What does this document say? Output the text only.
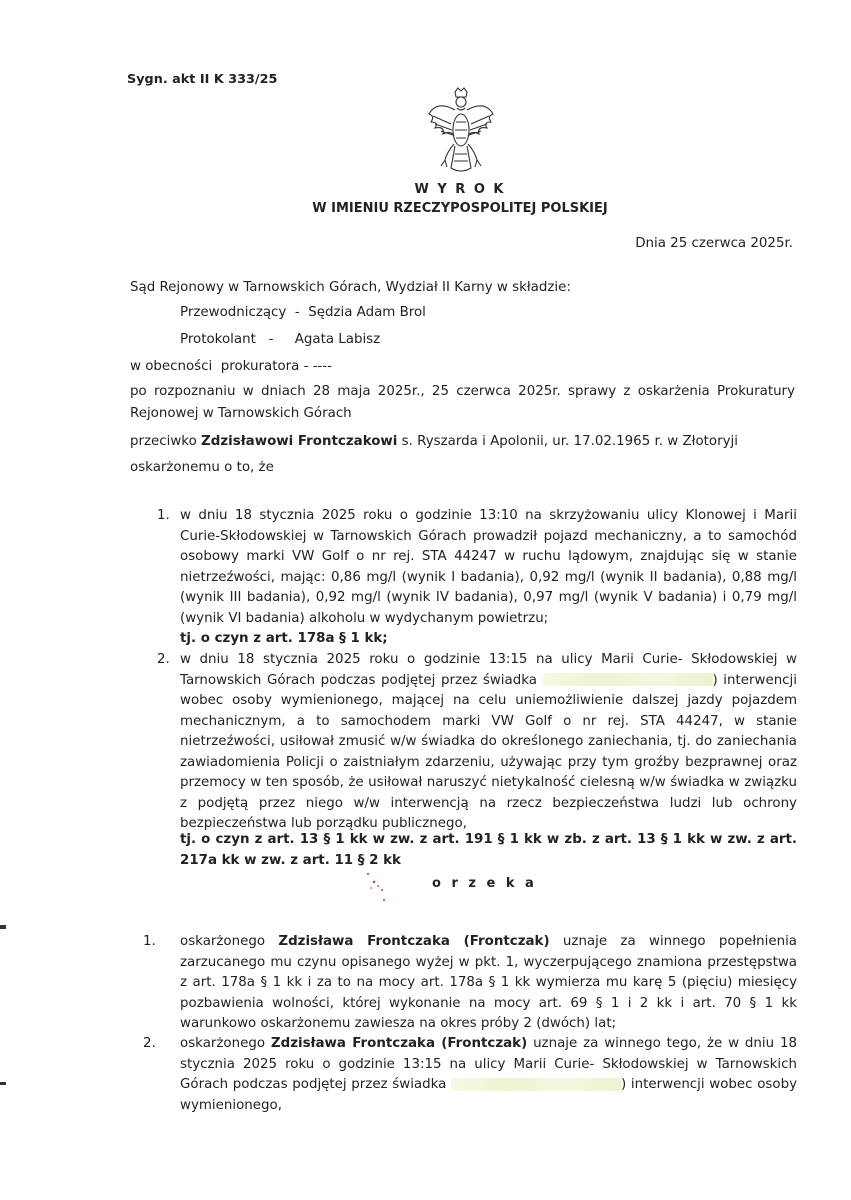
Sygn. akt II K 333/25
W Y R O K
W IMIENIU RZECZYPOSPOLITEJ POLSKIEJ
Dnia 25 czerwca 2025r.
Sąd Rejonowy w Tarnowskich Górach, Wydział II Karny w składzie:
Przewodniczący  -  Sędzia Adam Brol
Protokolant   -     Agata Labisz
w obecności  prokuratora - ----
po rozpoznaniu w dniach 28 maja 2025r., 25 czerwca 2025r. sprawy z oskarżenia Prokuratury Rejonowej w Tarnowskich Górach
przeciwko Zdzisławowi Frontczakowi s. Ryszarda i Apolonii, ur. 17.02.1965 r. w Złotoryji
oskarżonemu o to, że
1. w dniu 18 stycznia 2025 roku o godzinie 13:10 na skrzyżowaniu ulicy Klonowej i Marii Curie-Skłodowskiej w Tarnowskich Górach prowadził pojazd mechaniczny, a to samochód osobowy marki VW Golf o nr rej. STA 44247 w ruchu lądowym, znajdując się w stanie nietrzeźwości, mając: 0,86 mg/l (wynik I badania), 0,92 mg/l (wynik II badania), 0,88 mg/l (wynik III badania), 0,92 mg/l (wynik IV badania), 0,97 mg/l (wynik V badania) i 0,79 mg/l (wynik VI badania) alkoholu w wydychanym powietrzu;
tj. o czyn z art. 178a § 1 kk;
2. w dniu 18 stycznia 2025 roku o godzinie 13:15 na ulicy Marii Curie- Skłodowskiej w Tarnowskich Górach podczas podjętej przez świadka	) interwencji wobec osoby wymienionego, mającej na celu uniemożliwienie dalszej jazdy pojazdem mechanicznym, a to samochodem marki VW Golf o nr rej. STA 44247, w stanie nietrzeźwości, usiłował zmusić w/w świadka do określonego zaniechania, tj. do zaniechania zawiadomienia Policji o zaistniałym zdarzeniu, używając przy tym groźby bezprawnej oraz przemocy w ten sposób, że usiłował naruszyć nietykalność cielesną w/w świadka w związku z podjętą przez niego w/w interwencją na rzecz bezpieczeństwa ludzi lub ochrony bezpieczeństwa lub porządku publicznego,
tj. o czyn z art. 13 § 1 kk w zw. z art. 191 § 1 kk w zb. z art. 13 § 1 kk w zw. z art. 217a kk w zw. z art. 11 § 2 kk
o r z e k a
1. oskarżonego Zdzisława Frontczaka (Frontczak) uznaje za winnego popełnienia zarzucanego mu czynu opisanego wyżej w pkt. 1, wyczerpującego znamiona przestępstwa z art. 178a § 1 kk i za to na mocy art. 178a § 1 kk wymierza mu karę 5 (pięciu) miesięcy pozbawienia wolności, której wykonanie na mocy art. 69 § 1 i 2 kk i art. 70 § 1 kk warunkowo oskarżonemu zawiesza na okres próby 2 (dwóch) lat;
2. oskarżonego Zdzisława Frontczaka (Frontczak) uznaje za winnego tego, że w dniu 18 stycznia 2025 roku o godzinie 13:15 na ulicy Marii Curie- Skłodowskiej w Tarnowskich Górach podczas podjętej przez świadka	) interwencji wobec osoby wymienionego,
